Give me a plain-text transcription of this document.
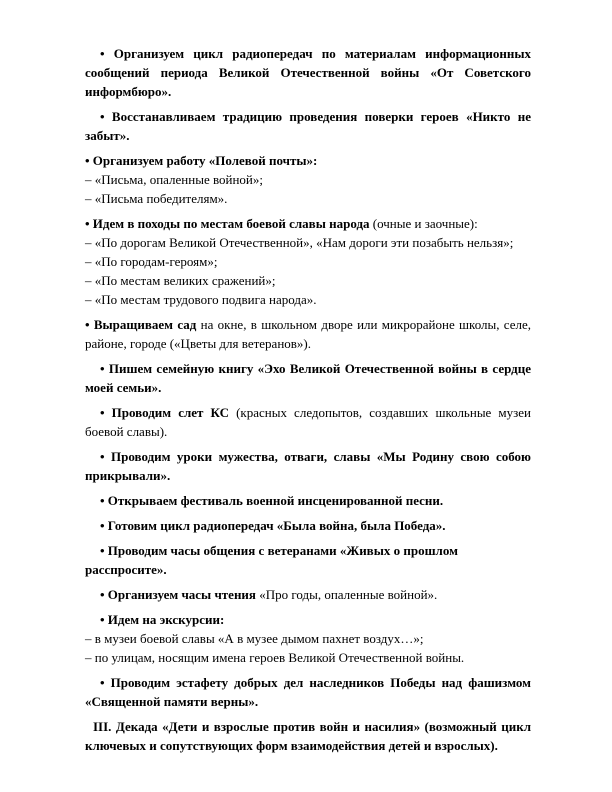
• Организуем цикл радиопередач по материалам информационных сообщений периода Великой Отечественной войны «От Советского информбюро».

• Восстанавливаем традицию проведения поверки героев «Никто не забыт».

• Организуем работу «Полевой почты»:

– «Письма, опаленные войной»;

– «Письма победителям».

• Идем в походы по местам боевой славы народа (очные и заочные):

– «По дорогам Великой Отечественной», «Нам дороги эти позабыть нельзя»;

– «По городам-героям»;

– «По местам великих сражений»;

– «По местам трудового подвига народа».

• Выращиваем сад на окне, в школьном дворе или микрорайоне школы, селе, районе, городе («Цветы для ветеранов»).

• Пишем семейную книгу «Эхо Великой Отечественной войны в сердце моей семьи».

• Проводим слет КС (красных следопытов, создавших школьные музеи боевой славы).

• Проводим уроки мужества, отваги, славы «Мы Родину свою собою прикрывали».

• Открываем фестиваль военной инсценированной песни.

• Готовим цикл радиопередач «Была война, была Победа».

• Проводим часы общения с ветеранами «Живых о прошлом расспросите».

• Организуем часы чтения «Про годы, опаленные войной».

• Идем на экскурсии:

– в музеи боевой славы «А в музее дымом пахнет воздух…»;

– по улицам, носящим имена героев Великой Отечественной войны.

• Проводим эстафету добрых дел наследников Победы над фашизмом «Священной памяти верны».

III. Декада «Дети и взрослые против войн и насилия» (возможный цикл ключевых и сопутствующих форм взаимодействия детей и взрослых).
